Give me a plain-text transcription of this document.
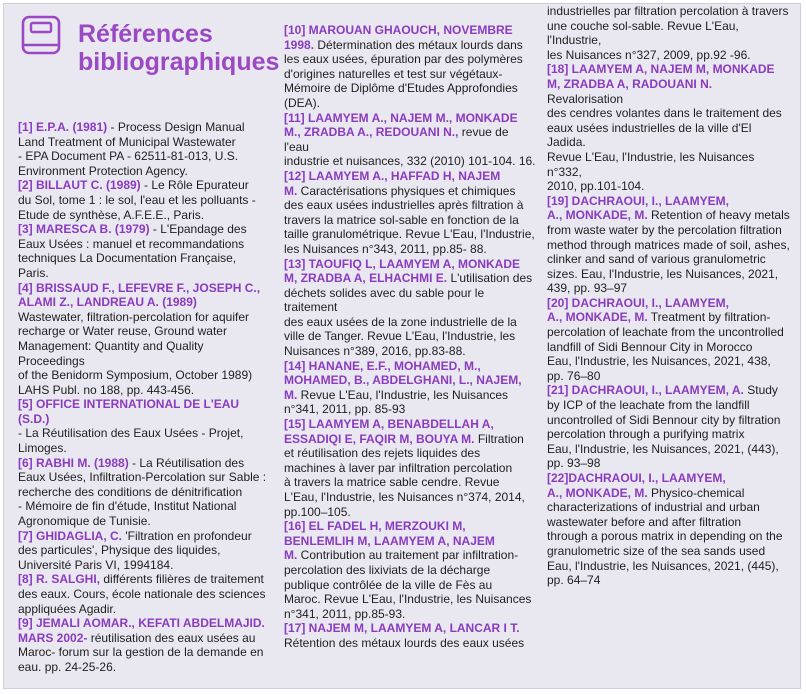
Références
bibliographiques

[1] E.P.A. (1981) - Process Design Manual
Land Treatment of Municipal Wastewater
- EPA Document PA - 62511-81-013, U.S.
Environment Protection Agency.

[2] BILLAUT C. (1989) - Le Rôle Epurateur
du Sol, tome 1 : le sol, l'eau et les polluants -
Etude de synthèse, A.F.E.E., Paris.

[3] MARESCA B. (1979) - L'Epandage des
Eaux Usées : manuel et recommandations
techniques La Documentation Française, Paris.

[4] BRISSAUD F., LEFEVRE F., JOSEPH C.,
ALAMI Z., LANDREAU A. (1989)
Wastewater, filtration-percolation for aquifer
recharge or Water reuse, Ground water
Management: Quantity and Quality Proceedings
of the Benidorm Symposium, October 1989)
LAHS Publ. no 188, pp. 443-456.

[5] OFFICE INTERNATIONAL DE L'EAU (S.D.)
- La Réutilisation des Eaux Usées - Projet,
Limoges.

[6] RABHI M. (1988) - La Réutilisation des
Eaux Usées, Infiltration-Percolation sur Sable :
recherche des conditions de dénitrification
- Mémoire de fin d'étude, Institut National
Agronomique de Tunisie.

[7] GHIDAGLIA, C. 'Filtration en profondeur
des particules', Physique des liquides,
Université Paris VI, 1994184.

[8] R. SALGHI, différents filières de traitement
des eaux. Cours, école nationale des sciences
appliquées Agadir.

[9] JEMALI AOMAR., KEFATI ABDELMAJID.
MARS 2002- réutilisation des eaux usées au
Maroc- forum sur la gestion de la demande en
eau. pp. 24-25-26.

[10] MAROUAN GHAOUCH, NOVEMBRE
1998. Détermination des métaux lourds dans
les eaux usées, épuration par des polymères
d'origines naturelles et test sur végétaux-
Mémoire de Diplôme d'Etudes Approfondies
(DEA).

[11] LAAMYEM A., NAJEM M., MONKADE
M., ZRADBA A., REDOUANI N., revue de l'eau
industrie et nuisances, 332 (2010) 101-104. 16.

[12] LAAMYEM A., HAFFAD H, NAJEM
M. Caractérisations physiques et chimiques
des eaux usées industrielles après filtration à
travers la matrice sol-sable en fonction de la
taille granulométrique. Revue L'Eau, l'Industrie,
les Nuisances n°343, 2011, pp.85- 88.

[13] TAOUFIQ L, LAAMYEM A, MONKADE
M, ZRADBA A, ELHACHMI E. L'utilisation des
déchets solides avec du sable pour le traitement
des eaux usées de la zone industrielle de la
ville de Tanger. Revue L'Eau, l'Industrie, les
Nuisances n°389, 2016, pp.83-88.

[14] HANANE, E.F., MOHAMED, M.,
MOHAMED, B., ABDELGHANI, L., NAJEM,
M. Revue L'Eau, l'Industrie, les Nuisances
n°341, 2011, pp. 85-93

[15] LAAMYEM A, BENABDELLAH A,
ESSADIQI E, FAQIR M, BOUYA M. Filtration
et réutilisation des rejets liquides des
machines à laver par infiltration percolation
à travers la matrice sable cendre. Revue
L'Eau, l'Industrie, les Nuisances n°374, 2014,
pp.100–105.

[16] EL FADEL H, MERZOUKI M,
BENLEMLIH M, LAAMYEM A, NAJEM
M. Contribution au traitement par infiltration-
percolation des lixiviats de la décharge
publique contrôlée de la ville de Fès au
Maroc. Revue L'Eau, l'Industrie, les Nuisances
n°341, 2011, pp.85-93.

[17] NAJEM M, LAAMYEM A, LANCAR I T.
Rétention des métaux lourds des eaux usées

industrielles par filtration percolation à travers
une couche sol-sable. Revue L'Eau, l'Industrie,
les Nuisances n°327, 2009, pp.92 -96.

[18] LAAMYEM A, NAJEM M, MONKADE
M, ZRADBA A, RADOUANI N. Revalorisation
des cendres volantes dans le traitement des
eaux usées industrielles de la ville d'El Jadida.
Revue L'Eau, l'Industrie, les Nuisances n°332,
2010, pp.101-104.

[19] DACHRAOUI, I., LAAMYEM,
A., MONKADE, M. Retention of heavy metals
from waste water by the percolation filtration
method through matrices made of soil, ashes,
clinker and sand of various granulometric
sizes. Eau, l'Industrie, les Nuisances, 2021,
439, pp. 93–97

[20] DACHRAOUI, I., LAAMYEM,
A., MONKADE, M. Treatment by filtration-
percolation of leachate from the uncontrolled
landfill of Sidi Bennour City in Morocco
Eau, l'Industrie, les Nuisances, 2021, 438,
pp. 76–80

[21] DACHRAOUI, I., LAAMYEM, A. Study
by ICP of the leachate from the landfill
uncontrolled of Sidi Bennour city by filtration
percolation through a purifying matrix
Eau, l'Industrie, les Nuisances, 2021, (443),
pp. 93–98

[22]DACHRAOUI, I., LAAMYEM,
A., MONKADE, M. Physico-chemical
characterizations of industrial and urban
wastewater before and after filtration
through a porous matrix in depending on the
granulometric size of the sea sands used
Eau, l'Industrie, les Nuisances, 2021, (445),
pp. 64–74
